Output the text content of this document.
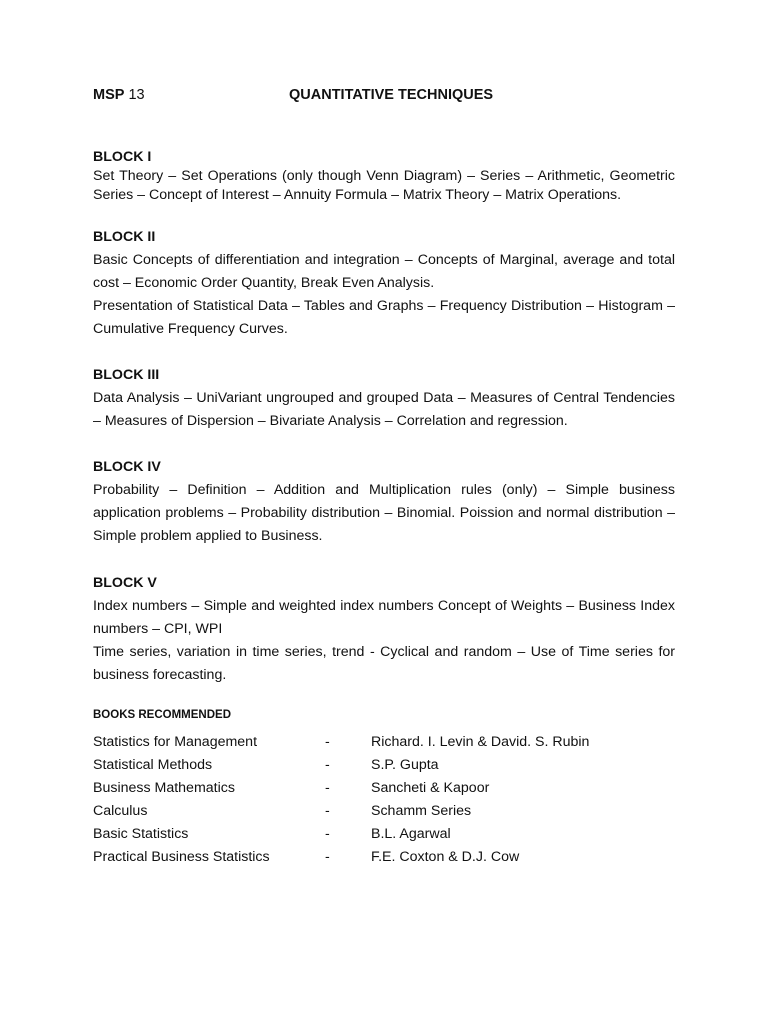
MSP 13	QUANTITATIVE TECHNIQUES

BLOCK I

Set Theory – Set Operations (only though Venn Diagram) – Series – Arithmetic, Geometric Series – Concept of Interest – Annuity Formula – Matrix Theory – Matrix Operations.

BLOCK II

Basic Concepts of differentiation and integration – Concepts of Marginal, average and total cost – Economic Order Quantity, Break Even Analysis.

Presentation of Statistical Data – Tables and Graphs – Frequency Distribution – Histogram – Cumulative Frequency Curves.

BLOCK III

Data Analysis – UniVariant ungrouped and grouped Data – Measures of Central Tendencies – Measures of Dispersion – Bivariate Analysis – Correlation and regression.

BLOCK IV

Probability – Definition – Addition and Multiplication rules (only) – Simple business application problems – Probability distribution – Binomial. Poission and normal distribution – Simple problem applied to Business.

BLOCK V

Index numbers – Simple and weighted index numbers Concept of Weights – Business Index numbers – CPI, WPI

Time series, variation in time series, trend - Cyclical and random – Use of Time series for business forecasting.

BOOKS RECOMMENDED
Statistics for Management	-	Richard. I. Levin & David. S. Rubin
Statistical Methods	-	S.P. Gupta
Business Mathematics	-	Sancheti & Kapoor
Calculus	-	Schamm Series
Basic Statistics	-	B.L. Agarwal
Practical Business Statistics	-	F.E. Coxton & D.J. Cow
